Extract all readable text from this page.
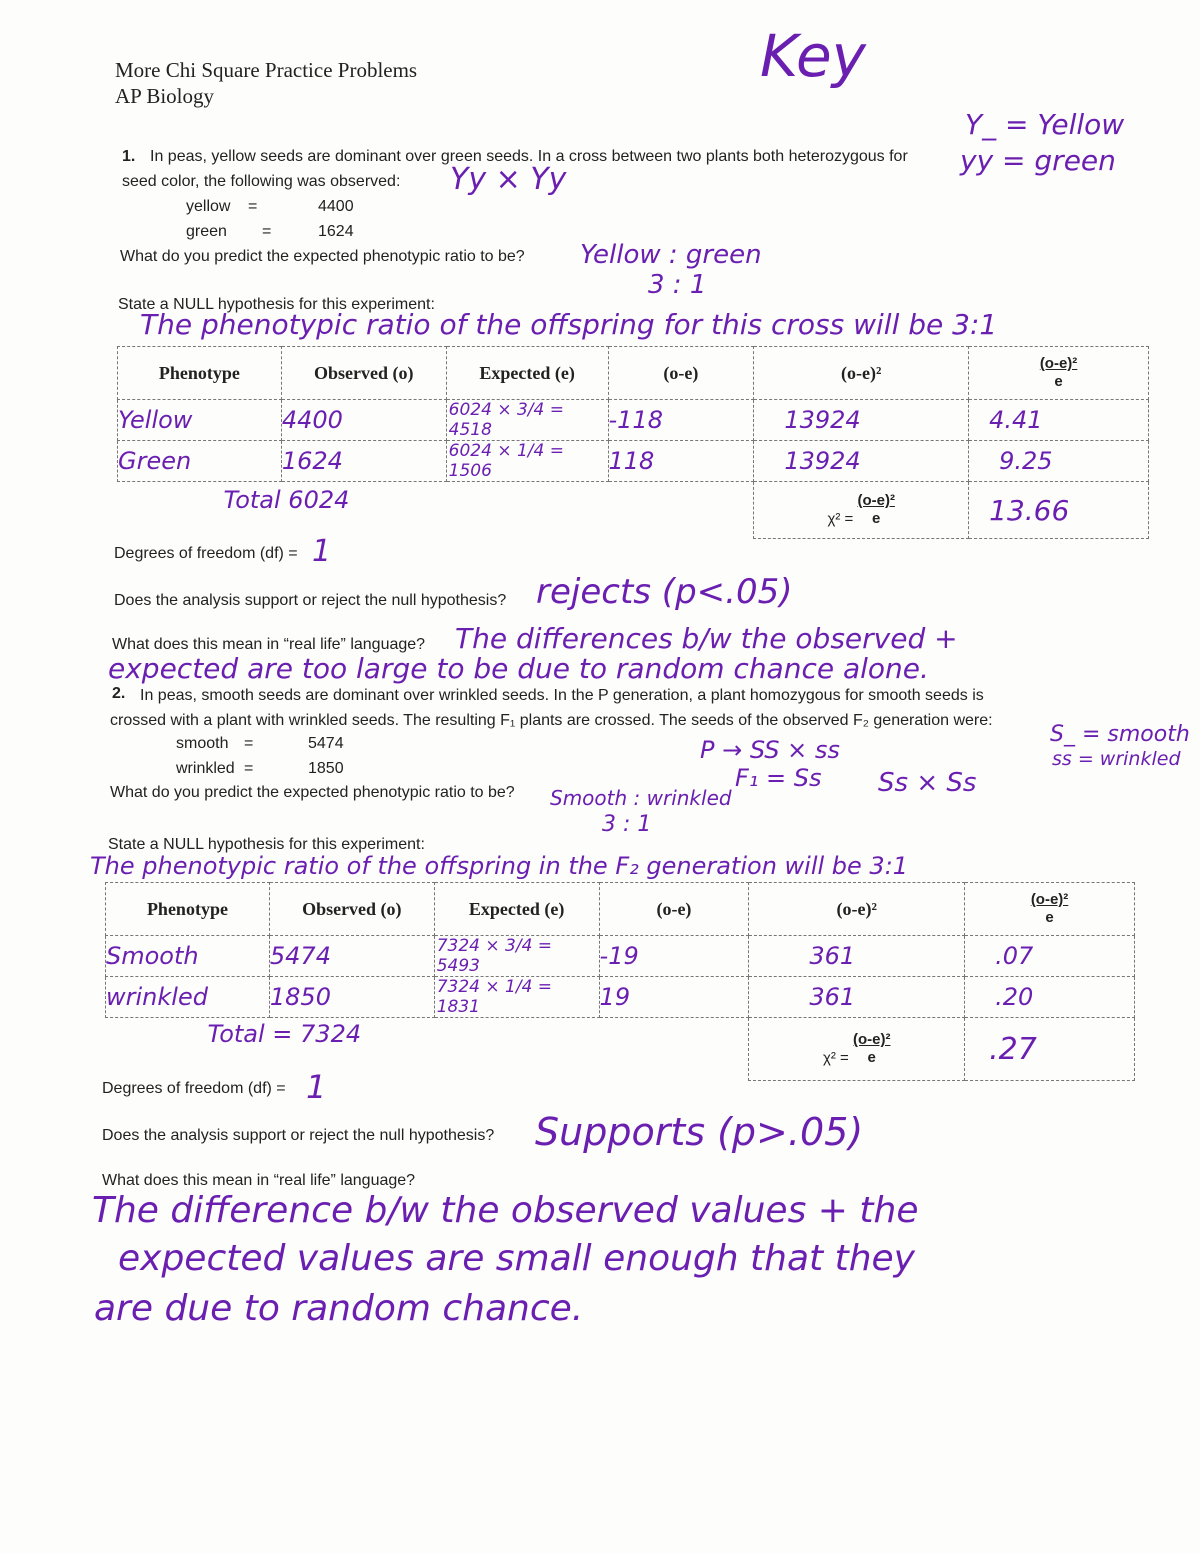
More Chi Square Practice Problems
AP Biology
Key
Y_ = Yellow
yy = green
1. In peas, yellow seeds are dominant over green seeds. In a cross between two plants both heterozygous for
seed color, the following was observed: Yy × Yy
yellow =	4400
green =	1624
What do you predict the expected phenotypic ratio to be? Yellow : green
3 : 1
State a NULL hypothesis for this experiment:
The phenotypic ratio of the offspring for this cross will be 3:1
Phenotype	Observed (o)	Expected (e)	(o-e)	(o-e)²	$\frac{\text{(o-e)²}}{e}$
Yellow	4400	6024 × 3/4 = 4518	-118	13924	4.41
Green	1624	6024 × 1/4 = 1506	118	13924	9.25

Total 6024				$\chi^2 = \frac{\text{(o-e)²}}{e}$	13.66
Degrees of freedom (df) = 1
Does the analysis support or reject the null hypothesis? rejects (p<.05)
What does this mean in “real life” language? The differences b/w the observed +
expected are too large to be due to random chance alone.
2. In peas, smooth seeds are dominant over wrinkled seeds. In the P generation, a plant homozygous for smooth seeds is
crossed with a plant with wrinkled seeds. The resulting F₁ plants are crossed. The seeds of the observed F₂ generation were:
S_ = smooth
ss = wrinkled
smooth =	5474
wrinkled =	1850
P → SS × ss
F₁ = Ss Ss × Ss
What do you predict the expected phenotypic ratio to be? Smooth : wrinkled
3 : 1
State a NULL hypothesis for this experiment:
The phenotypic ratio of the offspring in the F₂ generation will be 3:1
Phenotype	Observed (o)	Expected (e)	(o-e)	(o-e)²	$\frac{\text{(o-e)²}}{e}$
Smooth	5474	7324 × 3/4 = 5493	-19	361	.07
wrinkled	1850	7324 × 1/4 = 1831	19	361	.20

Total = 7324				$\chi^2 = \frac{\text{(o-e)²}}{e}$	.27
Degrees of freedom (df) = 1
Does the analysis support or reject the null hypothesis? Supports (p>.05)
What does this mean in “real life” language?
The difference b/w the observed values + the
expected values are small enough that they
are due to random chance.
